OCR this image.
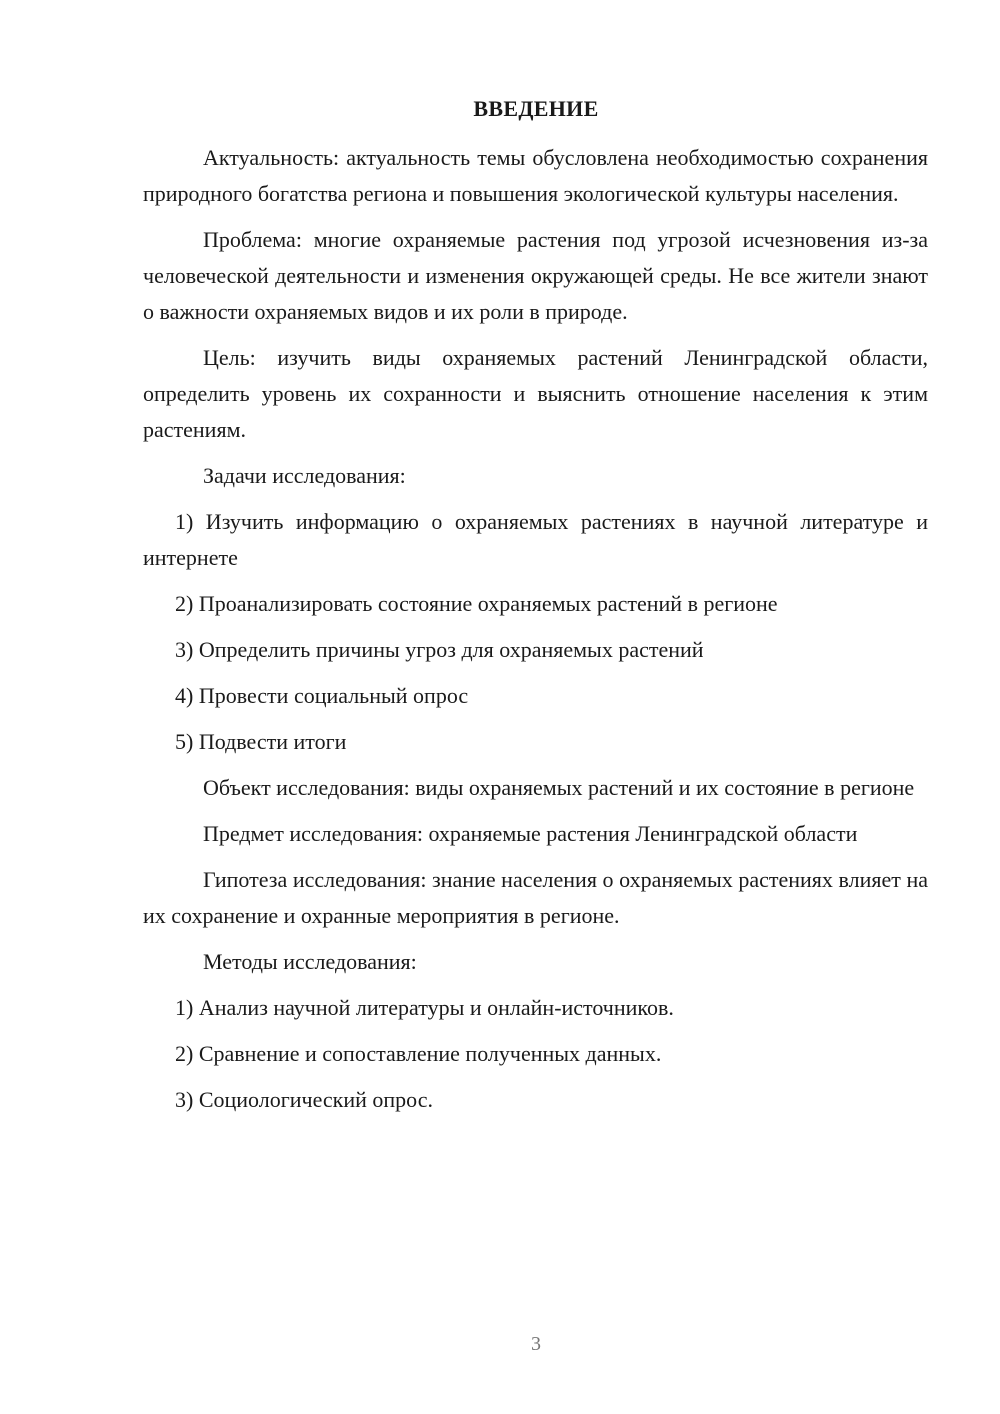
ВВЕДЕНИЕ

Актуальность: актуальность темы обусловлена необходимостью сохранения природного богатства региона и повышения экологической культуры населения.

Проблема: многие охраняемые растения под угрозой исчезновения из-за человеческой деятельности и изменения окружающей среды. Не все жители знают о важности охраняемых видов и их роли в природе.

Цель: изучить виды охраняемых растений Ленинградской области, определить уровень их сохранности и выяснить отношение населения к этим растениям.

Задачи исследования:

1) Изучить информацию о охраняемых растениях в научной литературе и интернете

2) Проанализировать состояние охраняемых растений в регионе

3) Определить причины угроз для охраняемых растений

4) Провести социальный опрос

5) Подвести итоги

Объект исследования: виды охраняемых растений и их состояние в регионе

Предмет исследования: охраняемые растения Ленинградской области

Гипотеза исследования: знание населения о охраняемых растениях влияет на их сохранение и охранные мероприятия в регионе.

Методы исследования:

1) Анализ научной литературы и онлайн-источников.

2) Сравнение и сопоставление полученных данных.

3) Социологический опрос.

3
